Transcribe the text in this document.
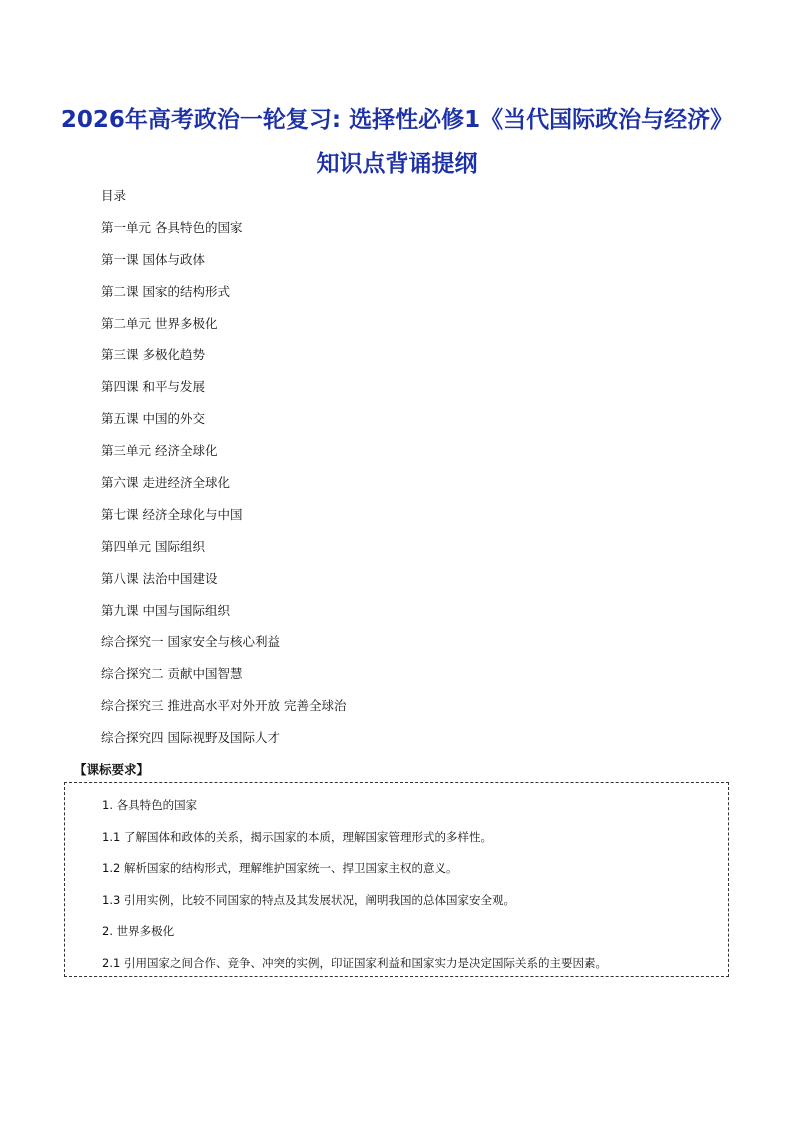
2026年高考政治一轮复习: 选择性必修1《当代国际政治与经济》知识点背诵提纲
目录
第一单元 各具特色的国家
第一课 国体与政体
第二课 国家的结构形式
第二单元 世界多极化
第三课 多极化趋势
第四课 和平与发展
第五课 中国的外交
第三单元 经济全球化
第六课 走进经济全球化
第七课 经济全球化与中国
第四单元 国际组织
第八课 法治中国建设
第九课 中国与国际组织
综合探究一 国家安全与核心利益
综合探究二 贡献中国智慧
综合探究三 推进高水平对外开放 完善全球治
综合探究四 国际视野及国际人才
【课标要求】
1. 各具特色的国家
1.1 了解国体和政体的关系，揭示国家的本质，理解国家管理形式的多样性。
1.2 解析国家的结构形式，理解维护国家统一、捍卫国家主权的意义。
1.3 引用实例，比较不同国家的特点及其发展状况，阐明我国的总体国家安全观。
2. 世界多极化
2.1 引用国家之间合作、竞争、冲突的实例，印证国家利益和国家实力是决定国际关系的主要因素。
